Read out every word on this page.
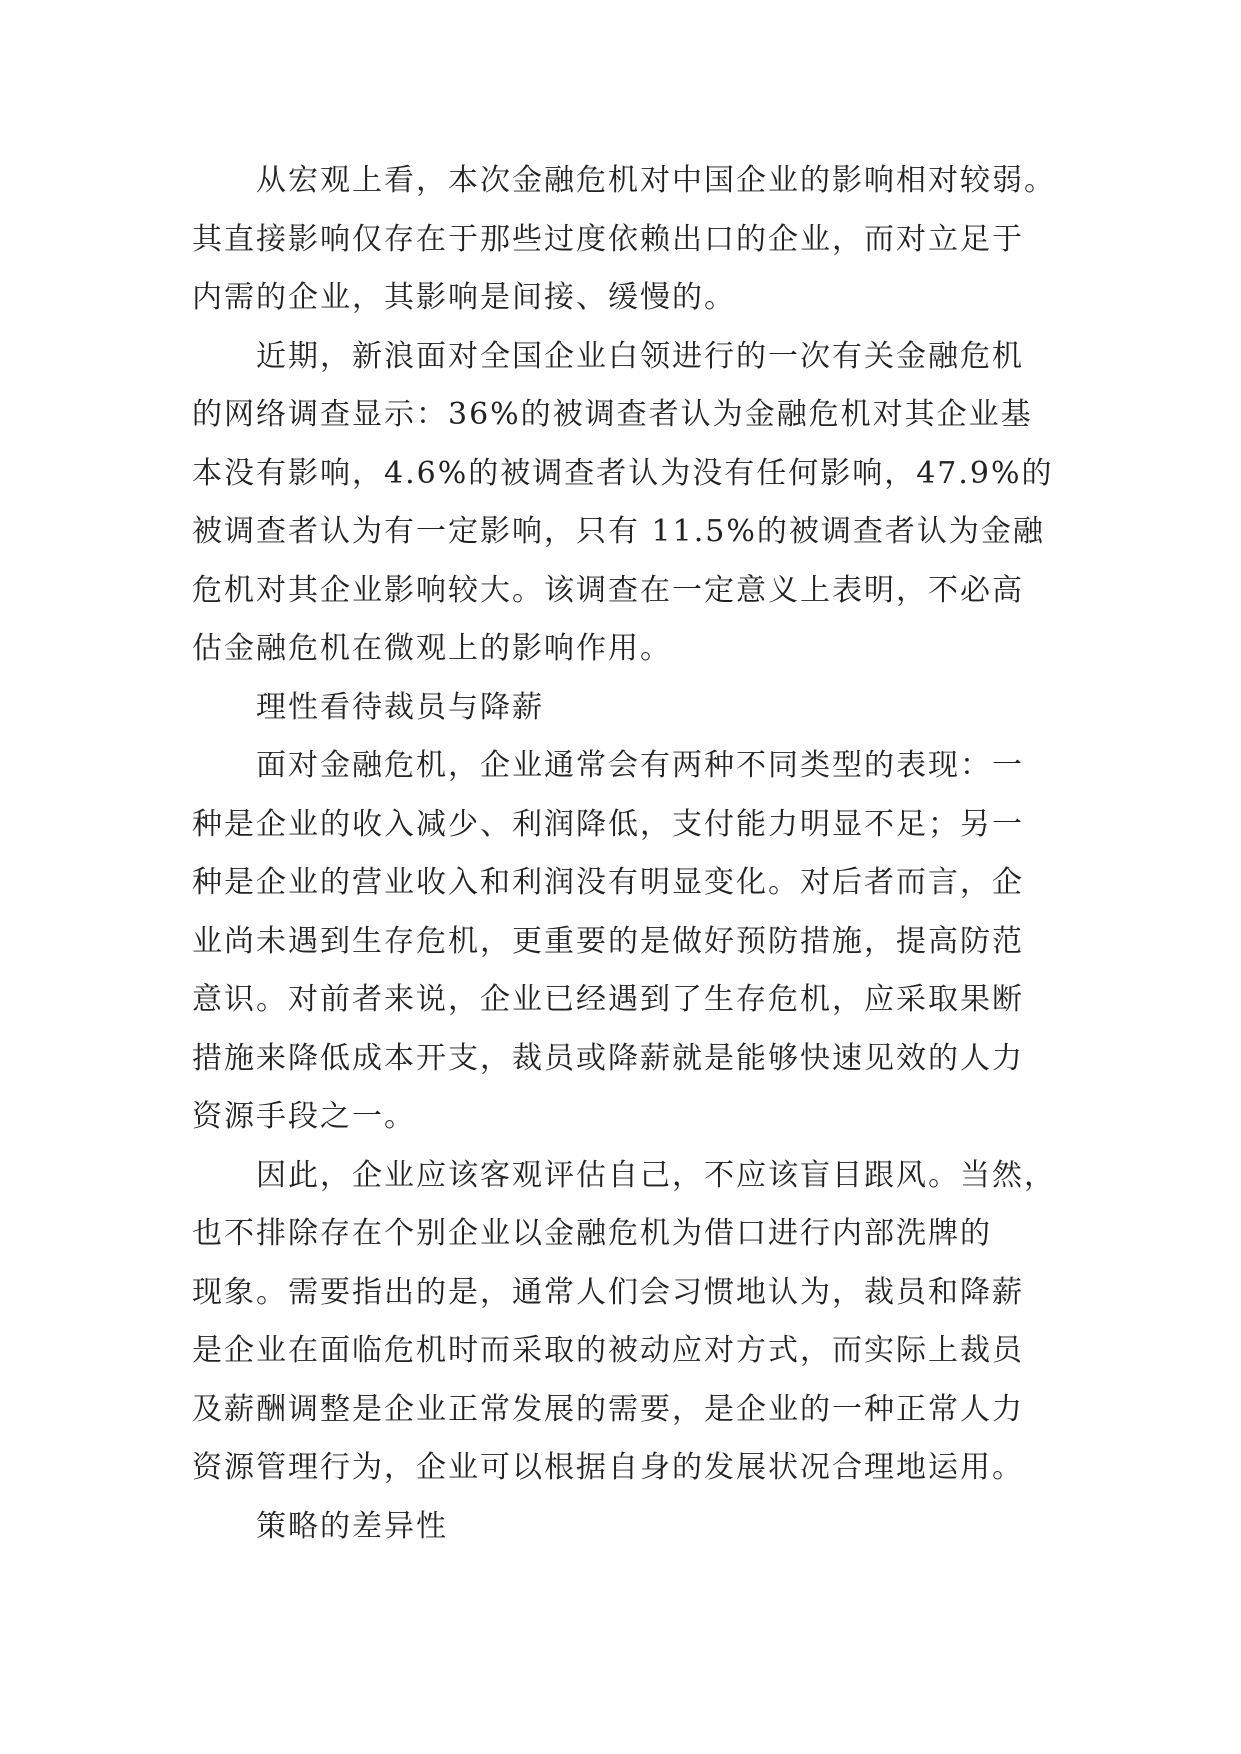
从宏观上看，本次金融危机对中国企业的影响相对较弱。
其直接影响仅存在于那些过度依赖出口的企业，而对立足于
内需的企业，其影响是间接、缓慢的。
近期，新浪面对全国企业白领进行的一次有关金融危机
的网络调查显示：36%的被调查者认为金融危机对其企业基
本没有影响，4.6%的被调查者认为没有任何影响，47.9%的
被调查者认为有一定影响，只有 11.5%的被调查者认为金融
危机对其企业影响较大。该调查在一定意义上表明，不必高
估金融危机在微观上的影响作用。
理性看待裁员与降薪
面对金融危机，企业通常会有两种不同类型的表现：一
种是企业的收入减少、利润降低，支付能力明显不足；另一
种是企业的营业收入和利润没有明显变化。对后者而言，企
业尚未遇到生存危机，更重要的是做好预防措施，提高防范
意识。对前者来说，企业已经遇到了生存危机，应采取果断
措施来降低成本开支，裁员或降薪就是能够快速见效的人力
资源手段之一。
因此，企业应该客观评估自己，不应该盲目跟风。当然，
也不排除存在个别企业以金融危机为借口进行内部洗牌的
现象。需要指出的是，通常人们会习惯地认为，裁员和降薪
是企业在面临危机时而采取的被动应对方式，而实际上裁员
及薪酬调整是企业正常发展的需要，是企业的一种正常人力
资源管理行为，企业可以根据自身的发展状况合理地运用。
策略的差异性
